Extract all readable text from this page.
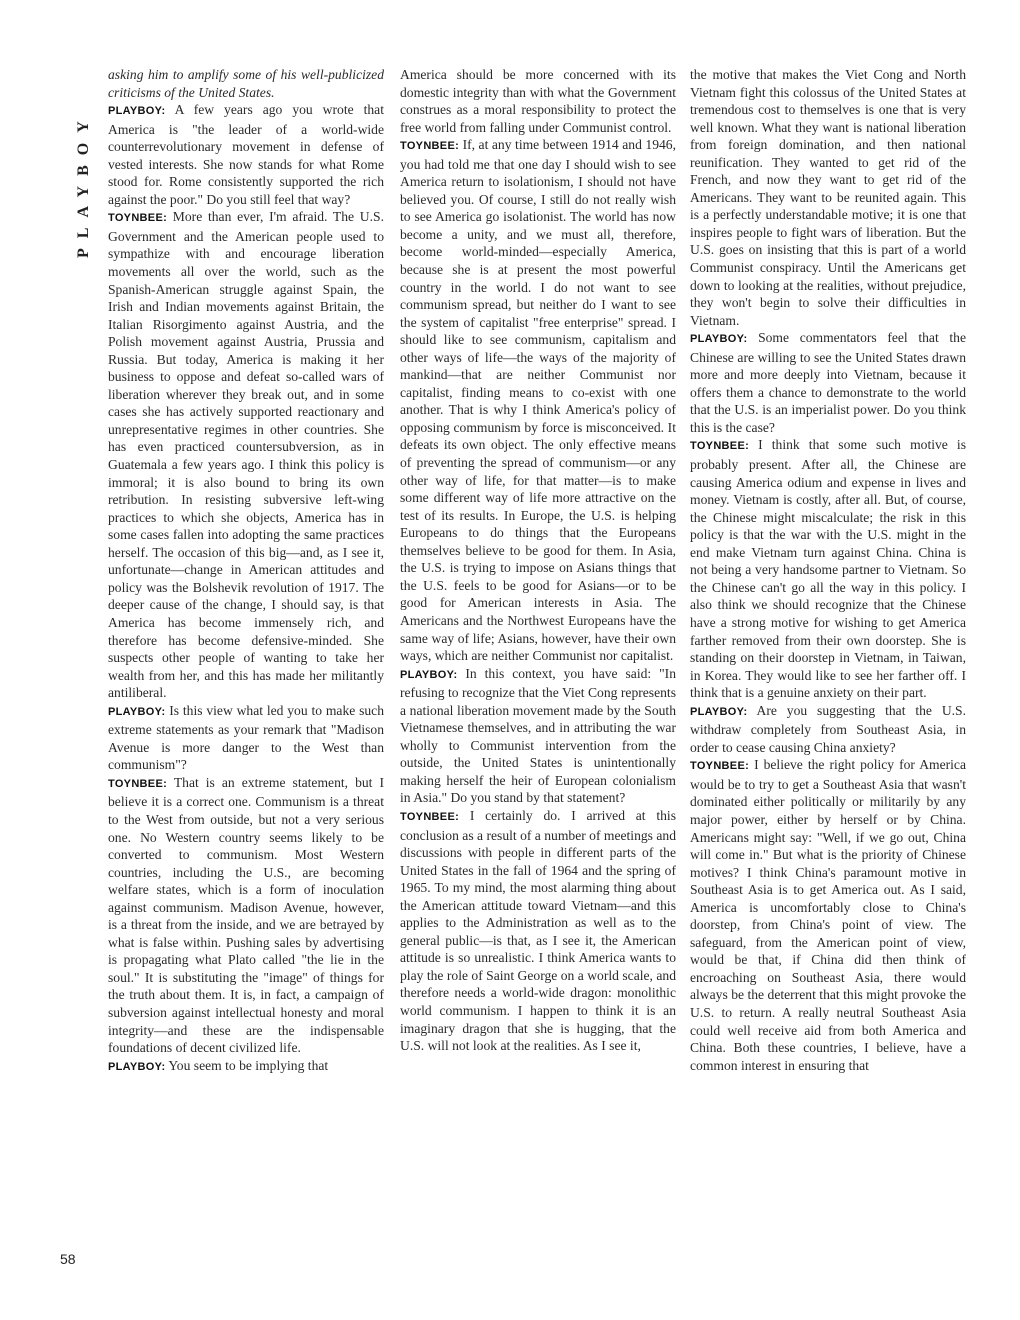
PLAYBOY

asking him to amplify some of his well-publicized criticisms of the United States.

PLAYBOY: A few years ago you wrote that America is "the leader of a world-wide counterrevolutionary movement in defense of vested interests. She now stands for what Rome stood for. Rome consistently supported the rich against the poor." Do you still feel that way?

TOYNBEE: More than ever, I'm afraid. The U.S. Government and the American people used to sympathize with and encourage liberation movements all over the world, such as the Spanish-American struggle against Spain, the Irish and Indian movements against Britain, the Italian Risorgimento against Austria, and the Polish movement against Austria, Prussia and Russia. But today, America is making it her business to oppose and defeat so-called wars of liberation wherever they break out, and in some cases she has actively supported reactionary and unrepresentative regimes in other countries. She has even practiced countersubversion, as in Guatemala a few years ago. I think this policy is immoral; it is also bound to bring its own retribution. In resisting subversive left-wing practices to which she objects, America has in some cases fallen into adopting the same practices herself. The occasion of this big—and, as I see it, unfortunate—change in American attitudes and policy was the Bolshevik revolution of 1917. The deeper cause of the change, I should say, is that America has become immensely rich, and therefore has become defensive-minded. She suspects other people of wanting to take her wealth from her, and this has made her militantly antiliberal.

PLAYBOY: Is this view what led you to make such extreme statements as your remark that "Madison Avenue is more danger to the West than communism"?

TOYNBEE: That is an extreme statement, but I believe it is a correct one. Communism is a threat to the West from outside, but not a very serious one. No Western country seems likely to be converted to communism. Most Western countries, including the U.S., are becoming welfare states, which is a form of inoculation against communism. Madison Avenue, however, is a threat from the inside, and we are betrayed by what is false within. Pushing sales by advertising is propagating what Plato called "the lie in the soul." It is substituting the "image" of things for the truth about them. It is, in fact, a campaign of subversion against intellectual honesty and moral integrity—and these are the indispensable foundations of decent civilized life.

PLAYBOY: You seem to be implying that

America should be more concerned with its domestic integrity than with what the Government construes as a moral responsibility to protect the free world from falling under Communist control.

TOYNBEE: If, at any time between 1914 and 1946, you had told me that one day I should wish to see America return to isolationism, I should not have believed you. Of course, I still do not really wish to see America go isolationist. The world has now become a unity, and we must all, therefore, become world-minded—especially America, because she is at present the most powerful country in the world. I do not want to see communism spread, but neither do I want to see the system of capitalist "free enterprise" spread. I should like to see communism, capitalism and other ways of life—the ways of the majority of mankind—that are neither Communist nor capitalist, finding means to co-exist with one another. That is why I think America's policy of opposing communism by force is misconceived. It defeats its own object. The only effective means of preventing the spread of communism—or any other way of life, for that matter—is to make some different way of life more attractive on the test of its results. In Europe, the U.S. is helping Europeans to do things that the Europeans themselves believe to be good for them. In Asia, the U.S. is trying to impose on Asians things that the U.S. feels to be good for Asians—or to be good for American interests in Asia. The Americans and the Northwest Europeans have the same way of life; Asians, however, have their own ways, which are neither Communist nor capitalist.

PLAYBOY: In this context, you have said: "In refusing to recognize that the Viet Cong represents a national liberation movement made by the South Vietnamese themselves, and in attributing the war wholly to Communist intervention from the outside, the United States is unintentionally making herself the heir of European colonialism in Asia." Do you stand by that statement?

TOYNBEE: I certainly do. I arrived at this conclusion as a result of a number of meetings and discussions with people in different parts of the United States in the fall of 1964 and the spring of 1965. To my mind, the most alarming thing about the American attitude toward Vietnam—and this applies to the Administration as well as to the general public—is that, as I see it, the American attitude is so unrealistic. I think America wants to play the role of Saint George on a world scale, and therefore needs a world-wide dragon: monolithic world communism. I happen to think it is an imaginary dragon that she is hugging, that the U.S. will not look at the realities. As I see it,

the motive that makes the Viet Cong and North Vietnam fight this colossus of the United States at tremendous cost to themselves is one that is very well known. What they want is national liberation from foreign domination, and then national reunification. They wanted to get rid of the French, and now they want to get rid of the Americans. They want to be reunited again. This is a perfectly understandable motive; it is one that inspires people to fight wars of liberation. But the U.S. goes on insisting that this is part of a world Communist conspiracy. Until the Americans get down to looking at the realities, without prejudice, they won't begin to solve their difficulties in Vietnam.

PLAYBOY: Some commentators feel that the Chinese are willing to see the United States drawn more and more deeply into Vietnam, because it offers them a chance to demonstrate to the world that the U.S. is an imperialist power. Do you think this is the case?

TOYNBEE: I think that some such motive is probably present. After all, the Chinese are causing America odium and expense in lives and money. Vietnam is costly, after all. But, of course, the Chinese might miscalculate; the risk in this policy is that the war with the U.S. might in the end make Vietnam turn against China. China is not being a very handsome partner to Vietnam. So the Chinese can't go all the way in this policy. I also think we should recognize that the Chinese have a strong motive for wishing to get America farther removed from their own doorstep. She is standing on their doorstep in Vietnam, in Taiwan, in Korea. They would like to see her farther off. I think that is a genuine anxiety on their part.

PLAYBOY: Are you suggesting that the U.S. withdraw completely from Southeast Asia, in order to cease causing China anxiety?

TOYNBEE: I believe the right policy for America would be to try to get a Southeast Asia that wasn't dominated either politically or militarily by any major power, either by herself or by China. Americans might say: "Well, if we go out, China will come in." But what is the priority of Chinese motives? I think China's paramount motive in Southeast Asia is to get America out. As I said, America is uncomfortably close to China's doorstep, from China's point of view. The safeguard, from the American point of view, would be that, if China did then think of encroaching on Southeast Asia, there would always be the deterrent that this might provoke the U.S. to return. A really neutral Southeast Asia could well receive aid from both America and China. Both these countries, I believe, have a common interest in ensuring that

58
